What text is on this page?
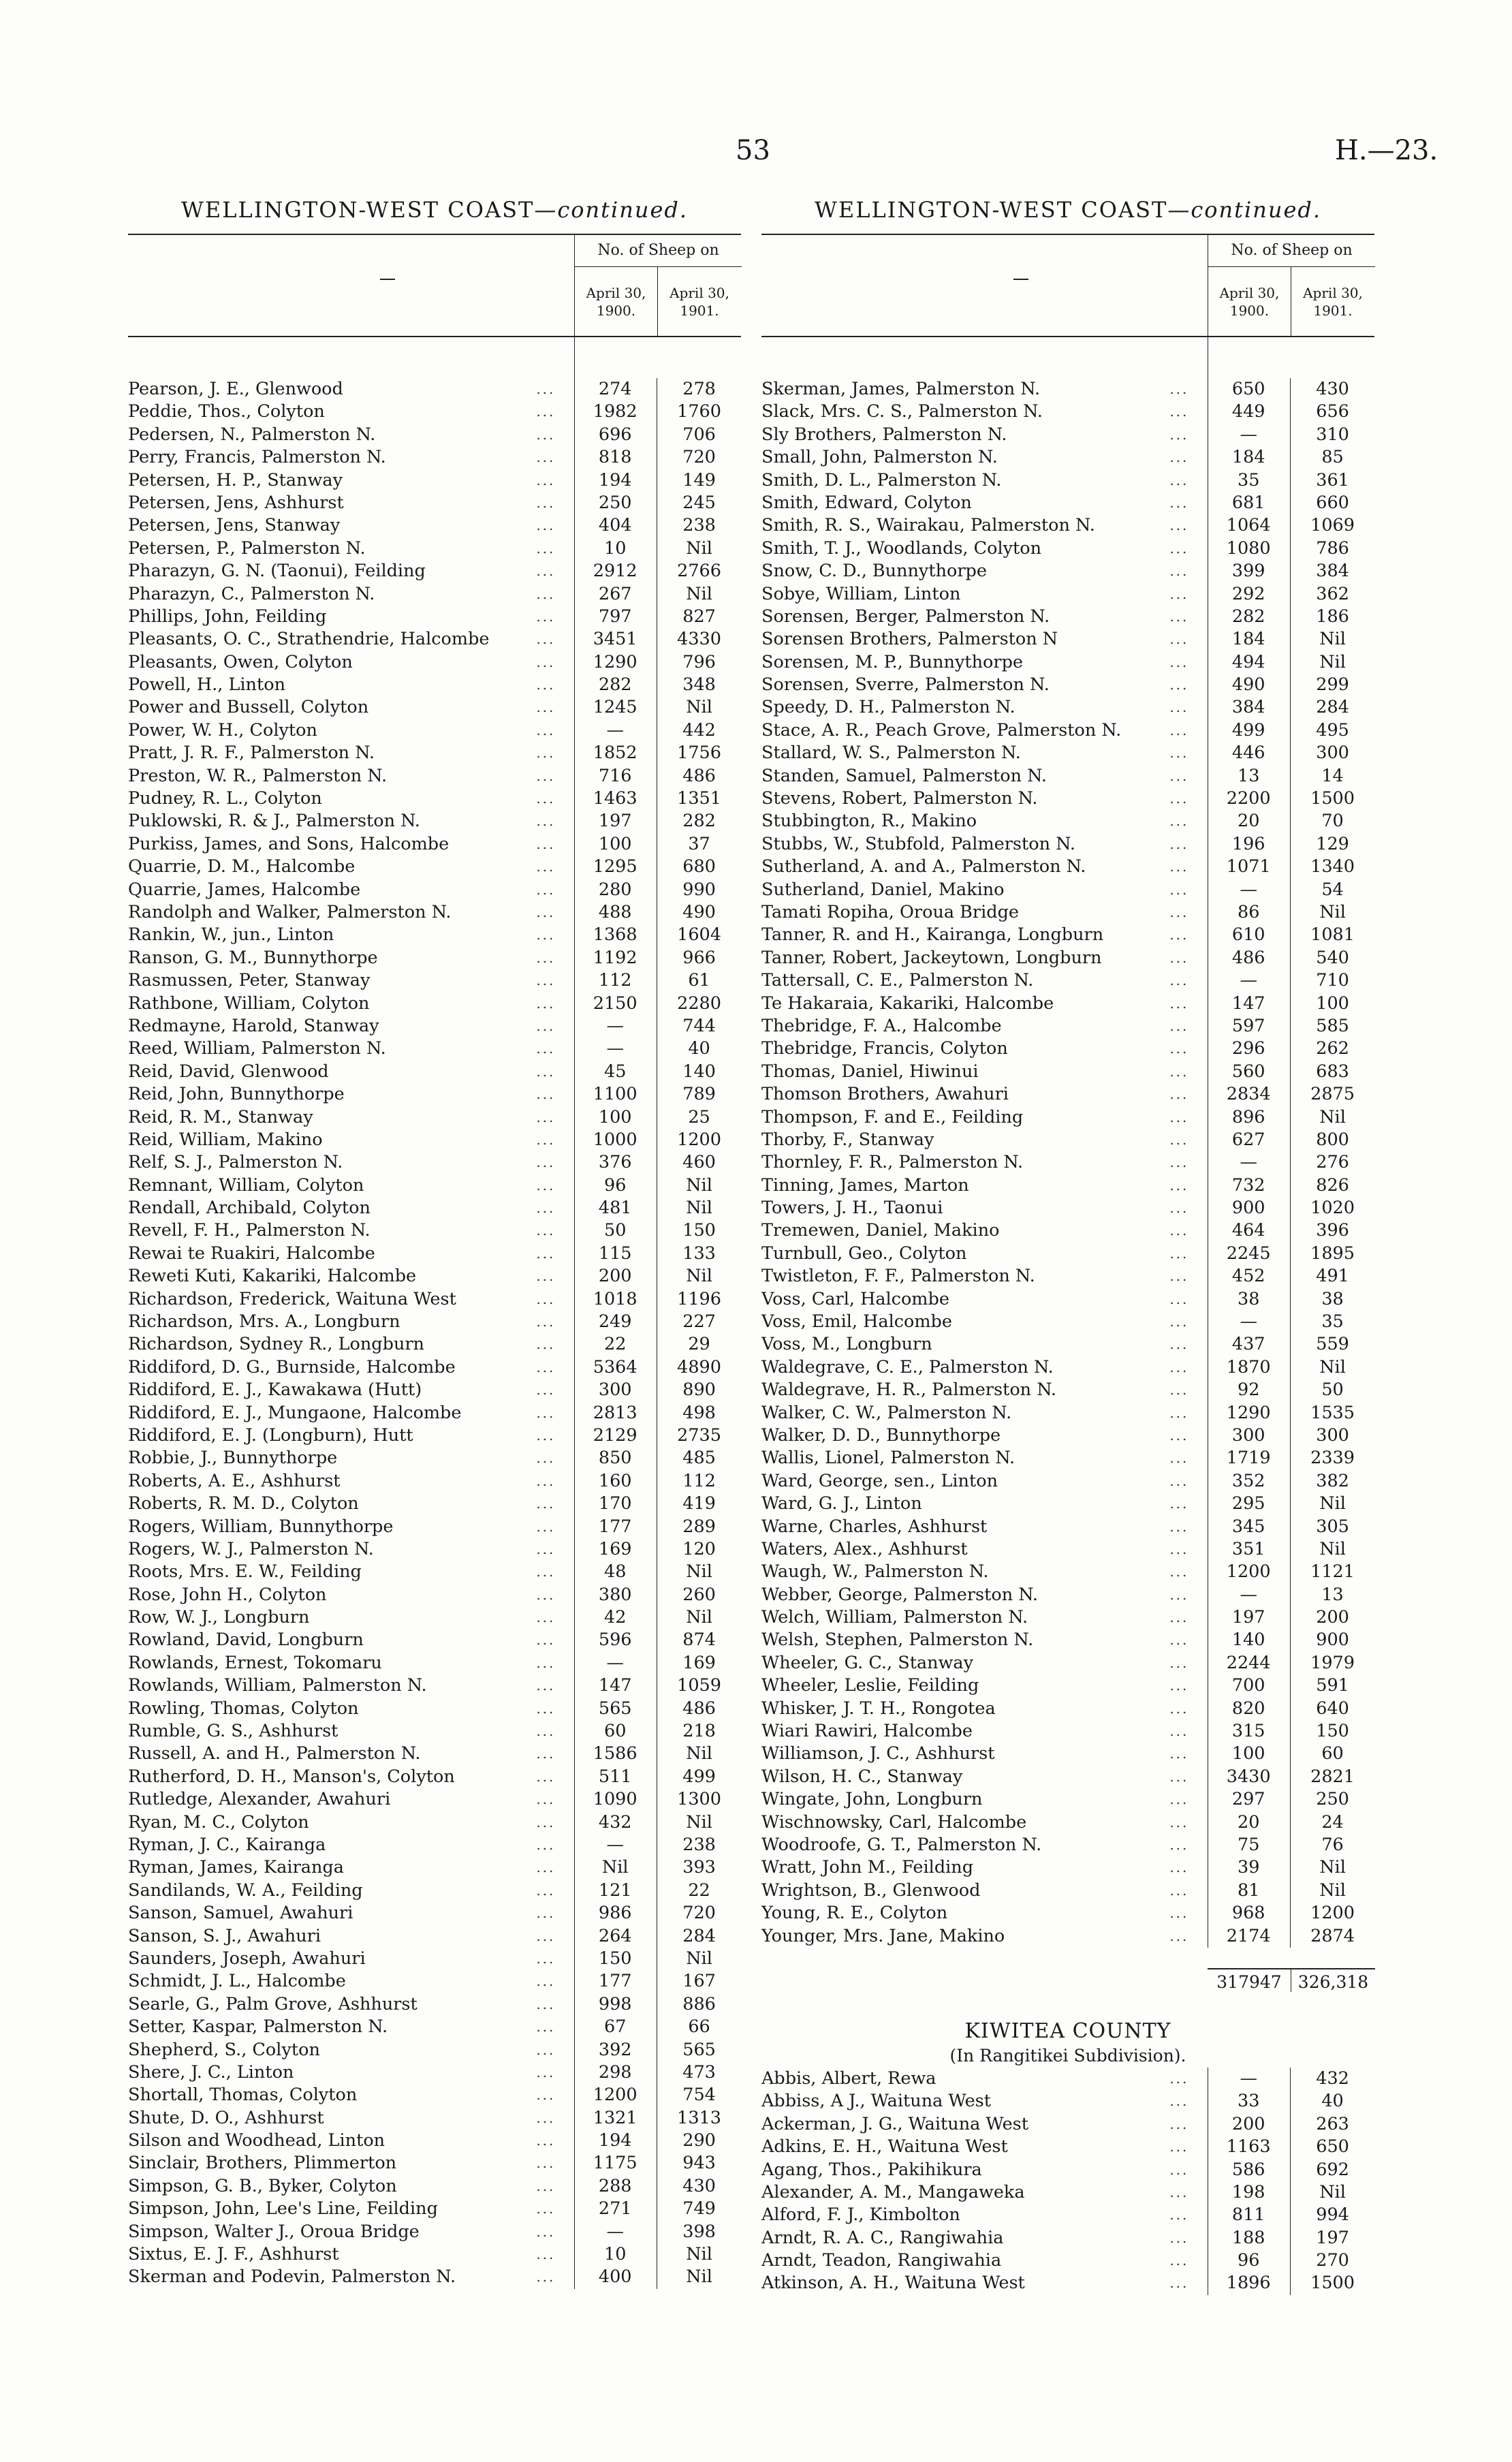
53	H.—23.
WELLINGTON-WEST COAST—continued.
No. of Sheep on
April 30, 1900.
April 30, 1901.
Pearson, J. E., Glenwood	...	274	278
Peddie, Thos., Colyton	...	1982	1760
Pedersen, N., Palmerston N.	...	696	706
Perry, Francis, Palmerston N.	...	818	720
Petersen, H. P., Stanway	...	194	149
Petersen, Jens, Ashhurst	...	250	245
Petersen, Jens, Stanway	...	404	238
Petersen, P., Palmerston N.	...	10	Nil
Pharazyn, G. N. (Taonui), Feilding	...	2912	2766
Pharazyn, C., Palmerston N.	...	267	Nil
Phillips, John, Feilding	...	797	827
Pleasants, O. C., Strathendrie, Halcombe	...	3451	4330
Pleasants, Owen, Colyton	...	1290	796
Powell, H., Linton	...	282	348
Power and Bussell, Colyton	...	1245	Nil
Power, W. H., Colyton	...	—	442
Pratt, J. R. F., Palmerston N.	...	1852	1756
Preston, W. R., Palmerston N.	...	716	486
Pudney, R. L., Colyton	...	1463	1351
Puklowski, R. & J., Palmerston N.	...	197	282
Purkiss, James, and Sons, Halcombe	...	100	37
Quarrie, D. M., Halcombe	...	1295	680
Quarrie, James, Halcombe	...	280	990
Randolph and Walker, Palmerston N.	...	488	490
Rankin, W., jun., Linton	...	1368	1604
Ranson, G. M., Bunnythorpe	...	1192	966
Rasmussen, Peter, Stanway	...	112	61
Rathbone, William, Colyton	...	2150	2280
Redmayne, Harold, Stanway	...	—	744
Reed, William, Palmerston N.	...	—	40
Reid, David, Glenwood	...	45	140
Reid, John, Bunnythorpe	...	1100	789
Reid, R. M., Stanway	...	100	25
Reid, William, Makino	...	1000	1200
Relf, S. J., Palmerston N.	...	376	460
Remnant, William, Colyton	...	96	Nil
Rendall, Archibald, Colyton	...	481	Nil
Revell, F. H., Palmerston N.	...	50	150
Rewai te Ruakiri, Halcombe	...	115	133
Reweti Kuti, Kakariki, Halcombe	...	200	Nil
Richardson, Frederick, Waituna West	...	1018	1196
Richardson, Mrs. A., Longburn	...	249	227
Richardson, Sydney R., Longburn	...	22	29
Riddiford, D. G., Burnside, Halcombe	...	5364	4890
Riddiford, E. J., Kawakawa (Hutt)	...	300	890
Riddiford, E. J., Mungaone, Halcombe	...	2813	498
Riddiford, E. J. (Longburn), Hutt	...	2129	2735
Robbie, J., Bunnythorpe	...	850	485
Roberts, A. E., Ashhurst	...	160	112
Roberts, R. M. D., Colyton	...	170	419
Rogers, William, Bunnythorpe	...	177	289
Rogers, W. J., Palmerston N.	...	169	120
Roots, Mrs. E. W., Feilding	...	48	Nil
Rose, John H., Colyton	...	380	260
Row, W. J., Longburn	...	42	Nil
Rowland, David, Longburn	...	596	874
Rowlands, Ernest, Tokomaru	...	—	169
Rowlands, William, Palmerston N.	...	147	1059
Rowling, Thomas, Colyton	...	565	486
Rumble, G. S., Ashhurst	...	60	218
Russell, A. and H., Palmerston N.	...	1586	Nil
Rutherford, D. H., Manson's, Colyton	...	511	499
Rutledge, Alexander, Awahuri	...	1090	1300
Ryan, M. C., Colyton	...	432	Nil
Ryman, J. C., Kairanga	...	—	238
Ryman, James, Kairanga	...	Nil	393
Sandilands, W. A., Feilding	...	121	22
Sanson, Samuel, Awahuri	...	986	720
Sanson, S. J., Awahuri	...	264	284
Saunders, Joseph, Awahuri	...	150	Nil
Schmidt, J. L., Halcombe	...	177	167
Searle, G., Palm Grove, Ashhurst	...	998	886
Setter, Kaspar, Palmerston N.	...	67	66
Shepherd, S., Colyton	...	392	565
Shere, J. C., Linton	...	298	473
Shortall, Thomas, Colyton	...	1200	754
Shute, D. O., Ashhurst	...	1321	1313
Silson and Woodhead, Linton	...	194	290
Sinclair, Brothers, Plimmerton	...	1175	943
Simpson, G. B., Byker, Colyton	...	288	430
Simpson, John, Lee's Line, Feilding	...	271	749
Simpson, Walter J., Oroua Bridge	...	—	398
Sixtus, E. J. F., Ashhurst	...	10	Nil
Skerman and Podevin, Palmerston N.	...	400	Nil
WELLINGTON-WEST COAST—continued.
No. of Sheep on
April 30, 1900.
April 30, 1901.
Skerman, James, Palmerston N.	...	650	430
Slack, Mrs. C. S., Palmerston N.	...	449	656
Sly Brothers, Palmerston N.	...	—	310
Small, John, Palmerston N.	...	184	85
Smith, D. L., Palmerston N.	...	35	361
Smith, Edward, Colyton	...	681	660
Smith, R. S., Wairakau, Palmerston N.	...	1064	1069
Smith, T. J., Woodlands, Colyton	...	1080	786
Snow, C. D., Bunnythorpe	...	399	384
Sobye, William, Linton	...	292	362
Sorensen, Berger, Palmerston N.	...	282	186
Sorensen Brothers, Palmerston N	...	184	Nil
Sorensen, M. P., Bunnythorpe	...	494	Nil
Sorensen, Sverre, Palmerston N.	...	490	299
Speedy, D. H., Palmerston N.	...	384	284
Stace, A. R., Peach Grove, Palmerston N.	...	499	495
Stallard, W. S., Palmerston N.	...	446	300
Standen, Samuel, Palmerston N.	...	13	14
Stevens, Robert, Palmerston N.	...	2200	1500
Stubbington, R., Makino	...	20	70
Stubbs, W., Stubfold, Palmerston N.	...	196	129
Sutherland, A. and A., Palmerston N.	...	1071	1340
Sutherland, Daniel, Makino	...	—	54
Tamati Ropiha, Oroua Bridge	...	86	Nil
Tanner, R. and H., Kairanga, Longburn	...	610	1081
Tanner, Robert, Jackeytown, Longburn	...	486	540
Tattersall, C. E., Palmerston N.	...	—	710
Te Hakaraia, Kakariki, Halcombe	...	147	100
Thebridge, F. A., Halcombe	...	597	585
Thebridge, Francis, Colyton	...	296	262
Thomas, Daniel, Hiwinui	...	560	683
Thomson Brothers, Awahuri	...	2834	2875
Thompson, F. and E., Feilding	...	896	Nil
Thorby, F., Stanway	...	627	800
Thornley, F. R., Palmerston N.	...	—	276
Tinning, James, Marton	...	732	826
Towers, J. H., Taonui	...	900	1020
Tremewen, Daniel, Makino	...	464	396
Turnbull, Geo., Colyton	...	2245	1895
Twistleton, F. F., Palmerston N.	...	452	491
Voss, Carl, Halcombe	...	38	38
Voss, Emil, Halcombe	...	—	35
Voss, M., Longburn	...	437	559
Waldegrave, C. E., Palmerston N.	...	1870	Nil
Waldegrave, H. R., Palmerston N.	...	92	50
Walker, C. W., Palmerston N.	...	1290	1535
Walker, D. D., Bunnythorpe	...	300	300
Wallis, Lionel, Palmerston N.	...	1719	2339
Ward, George, sen., Linton	...	352	382
Ward, G. J., Linton	...	295	Nil
Warne, Charles, Ashhurst	...	345	305
Waters, Alex., Ashhurst	...	351	Nil
Waugh, W., Palmerston N.	...	1200	1121
Webber, George, Palmerston N.	...	—	13
Welch, William, Palmerston N.	...	197	200
Welsh, Stephen, Palmerston N.	...	140	900
Wheeler, G. C., Stanway	...	2244	1979
Wheeler, Leslie, Feilding	...	700	591
Whisker, J. T. H., Rongotea	...	820	640
Wiari Rawiri, Halcombe	...	315	150
Williamson, J. C., Ashhurst	...	100	60
Wilson, H. C., Stanway	...	3430	2821
Wingate, John, Longburn	...	297	250
Wischnowsky, Carl, Halcombe	...	20	24
Woodroofe, G. T., Palmerston N.	...	75	76
Wratt, John M., Feilding	...	39	Nil
Wrightson, B., Glenwood	...	81	Nil
Young, R. E., Colyton	...	968	1200
Younger, Mrs. Jane, Makino	...	2174	2874
317947 326,318
KIWITEA COUNTY
(In Rangitikei Subdivision).
Abbis, Albert, Rewa	...	—	432
Abbiss, A J., Waituna West	...	33	40
Ackerman, J. G., Waituna West	...	200	263
Adkins, E. H., Waituna West	...	1163	650
Agang, Thos., Pakihikura	...	586	692
Alexander, A. M., Mangaweka	...	198	Nil
Alford, F. J., Kimbolton	...	811	994
Arndt, R. A. C., Rangiwahia	...	188	197
Arndt, Teadon, Rangiwahia	...	96	270
Atkinson, A. H., Waituna West	...	1896	1500
